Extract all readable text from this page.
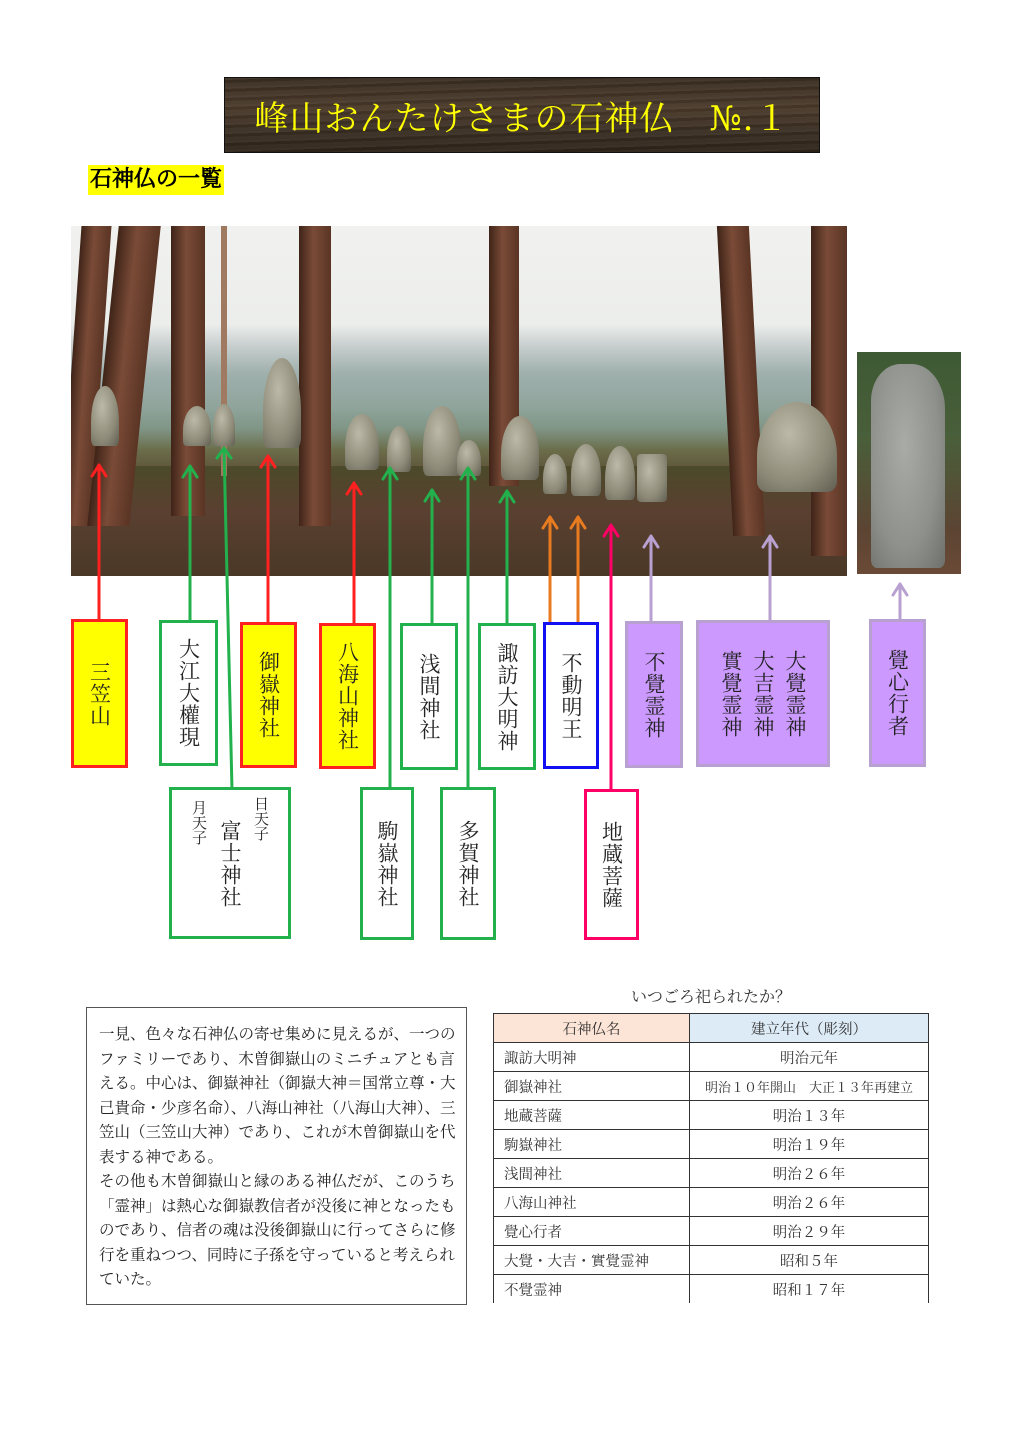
峰山おんたけさまの石神仏　№.１
石神仏の一覧
三笠山	大江大權現	御嶽神社	八海山神社	浅間神社	諏訪大明神 不動明王	不覺霊神	大覺霊神
大吉霊神
實覺霊神	覺心行者
月天子	日天子
富士神社	駒嶽神社	多賀神社	地蔵菩薩

一見、色々な石神仏の寄せ集めに見えるが、一つのファミリーであり、木曽御嶽山のミニチュアとも言える。中心は、御嶽神社（御嶽大神＝国常立尊・大己貴命・少彦名命）、八海山神社（八海山大神）、三笠山（三笠山大神）であり、これが木曽御嶽山を代表する神である。

その他も木曽御嶽山と縁のある神仏だが、このうち「霊神」は熱心な御嶽教信者が没後に神となったものであり、信者の魂は没後御嶽山に行ってさらに修行を重ねつつ、同時に子孫を守っていると考えられていた。

いつごろ祀られたか？
石神仏名	建立年代（彫刻）
諏訪大明神	明治元年
御嶽神社	明治１０年開山　大正１３年再建立
地蔵菩薩	明治１３年
駒嶽神社	明治１９年
浅間神社	明治２６年
八海山神社	明治２６年
覺心行者	明治２９年
大覺・大吉・實覺霊神	昭和５年
不覺霊神	昭和１７年
